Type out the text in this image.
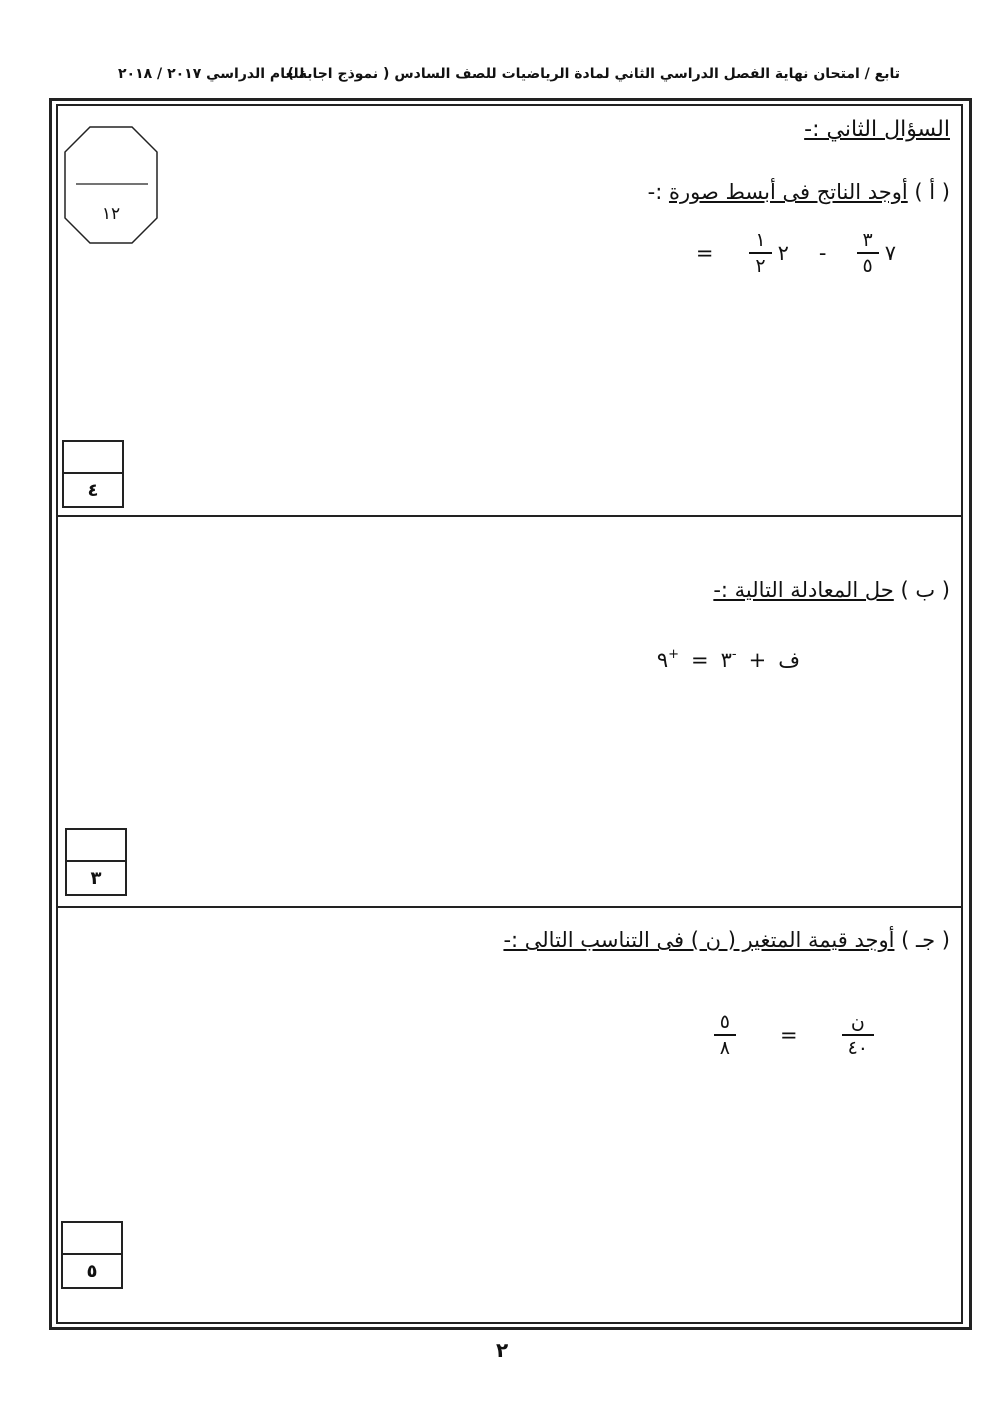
تابع / امتحان نهاية الفصل الدراسي الثاني لمادة الرياضيات للصف السادس ( نموذج اجابة )
للعام الدراسي ٢٠١٧ / ٢٠١٨
السؤال الثاني :-
١٢
( أ ) أوجد الناتج فى أبسط صورة :-
٧
$\frac{٣}{٥}$
-
٢
$\frac{١}{٢}$
=
٤
( ب ) حل المعادلة التالية :-
ف
+
-٣
=
+٩
٣
( جـ ) أوجد قيمة المتغير ( ن ) فى التناسب التالى :-
$\frac{\text{ن}}{٤٠}$
=
$\frac{٥}{٨}$
٥
٢
